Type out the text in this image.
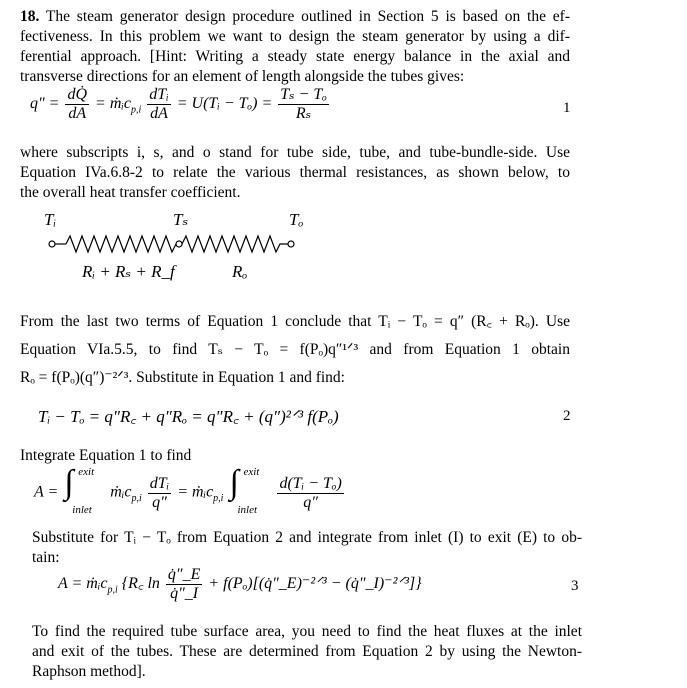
18. The steam generator design procedure outlined in Section 5 is based on the ef-
fectiveness. In this problem we want to design the steam generator by using a dif-
ferential approach. [Hint: Writing a steady state energy balance in the axial and
transverse directions for an element of length alongside the tubes gives:
$q'' = \frac{dQ̇}{dA}$ = ṁᵢc$_{p,i}$ $\frac{\text{dTᵢ}}{dA}$ = U(Tᵢ − $T_o) = \frac{\text{Tₛ − Tₒ}}{\text{Rₛ}}$	1
where subscripts i, s, and o stand for tube side, tube, and tube-bundle-side. Use
Equation IVa.6.8-2 to relate the various thermal resistances, as shown below, to
the overall heat transfer coefficient.
Tᵢ	Tₛ	Tₒ
Rᵢ + Rₛ + R_f	Rₒ
From the last two terms of Equation 1 conclude that Tᵢ − Tₒ = q″ (R꜀ + Rₒ). Use
Equation VIa.5.5, to find Tₛ − Tₒ = f(Pₒ)q″¹ᐟ³ and from Equation 1 obtain
Rₒ = f(Pₒ)(q″)⁻²ᐟ³. Substitute in Equation 1 and find:
Tᵢ − Tₒ = q″R꜀ + q″Rₒ = q″R꜀ + (q″)²ᐟ³ f(Pₒ)	2
Integrate Equation 1 to find
A = ∫ exit
inlet
ṁᵢc$_{p,i}$ $\frac{\text{dTᵢ}}{q''}$ = ṁᵢc$_{p,i}$ ∫ exit
inlet
$\frac{\text{d(Tᵢ − Tₒ)}}{q''}$
Substitute for Tᵢ − Tₒ from Equation 2 and integrate from inlet (I) to exit (E) to ob-
tain:
A = ṁᵢc$_{p,i}$ {R꜀ $\ln \frac{q̇''\_E}{q̇''\_I}$ + f(Pₒ)[(q̇″_E)⁻²ᐟ³ − (q̇″_I)⁻²ᐟ³]}	3
To find the required tube surface area, you need to find the heat fluxes at the inlet
and exit of the tubes. These are determined from Equation 2 by using the Newton-
Raphson method].
